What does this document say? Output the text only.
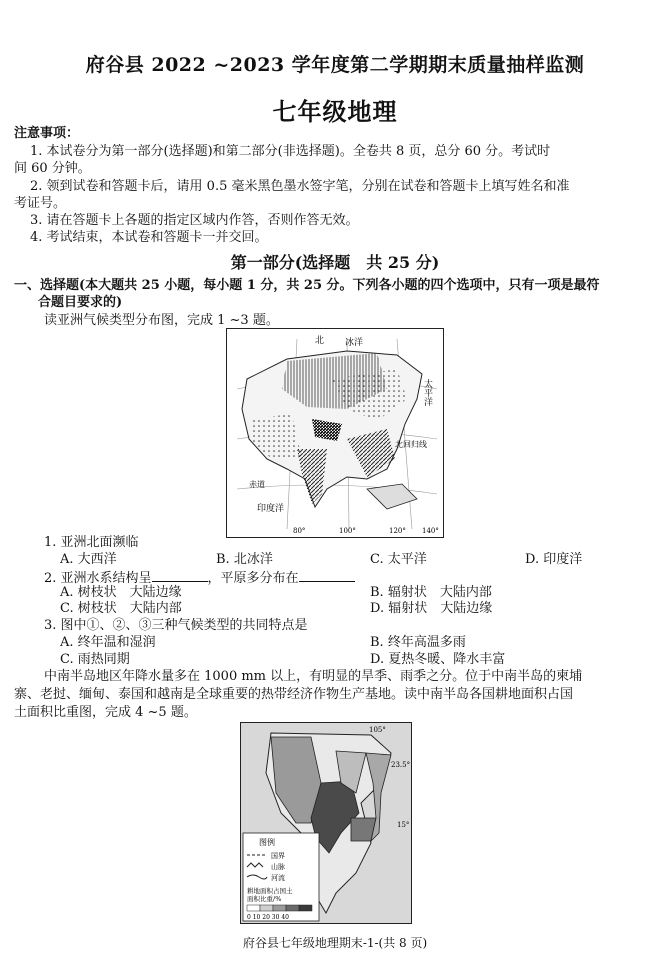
府谷县 2022 ~2023 学年度第二学期期末质量抽样监测
七年级地理
注意事项：
1. 本试卷分为第一部分(选择题)和第二部分(非选择题)。全卷共 8 页，总分 60 分。考试时
间 60 分钟。
2. 领到试卷和答题卡后，请用 0.5 毫米黑色墨水签字笔，分别在试卷和答题卡上填写姓名和准
考证号。
3. 请在答题卡上各题的指定区域内作答，否则作答无效。
4. 考试结束，本试卷和答题卡一并交回。
第一部分(选择题　共 25 分)
一、选择题(本大题共 25 小题，每小题 1 分，共 25 分。下列各小题的四个选项中，只有一项是最符
合题目要求的)
读亚洲气候类型分布图，完成 1 ~3 题。
北 冰洋
太平洋
北回归线
赤道
印度洋
80°	100°	120° 140°
1. 亚洲北面濒临
A. 大西洋	B. 北冰洋	C. 太平洋	D. 印度洋
2. 亚洲水系结构呈	，平原多分布在
A. 树枝状　大陆边缘	B. 辐射状　大陆内部
C. 树枝状　大陆内部	D. 辐射状　大陆边缘
3. 图中①、②、③三种气候类型的共同特点是
A. 终年温和湿润	B. 终年高温多雨
C. 雨热同期	D. 夏热冬暖、降水丰富
中南半岛地区年降水量多在 1000 mm 以上，有明显的旱季、雨季之分。位于中南半岛的柬埔
寨、老挝、缅甸、泰国和越南是全球重要的热带经济作物生产基地。读中南半岛各国耕地面积占国
土面积比重图，完成 4 ~5 题。
105°
23.5°
15°
图例
国界
山脉
河流
耕地面积占国土
面积比重/%
0 10 20 30 40
府谷县七年级地理期末-1-(共 8 页)
